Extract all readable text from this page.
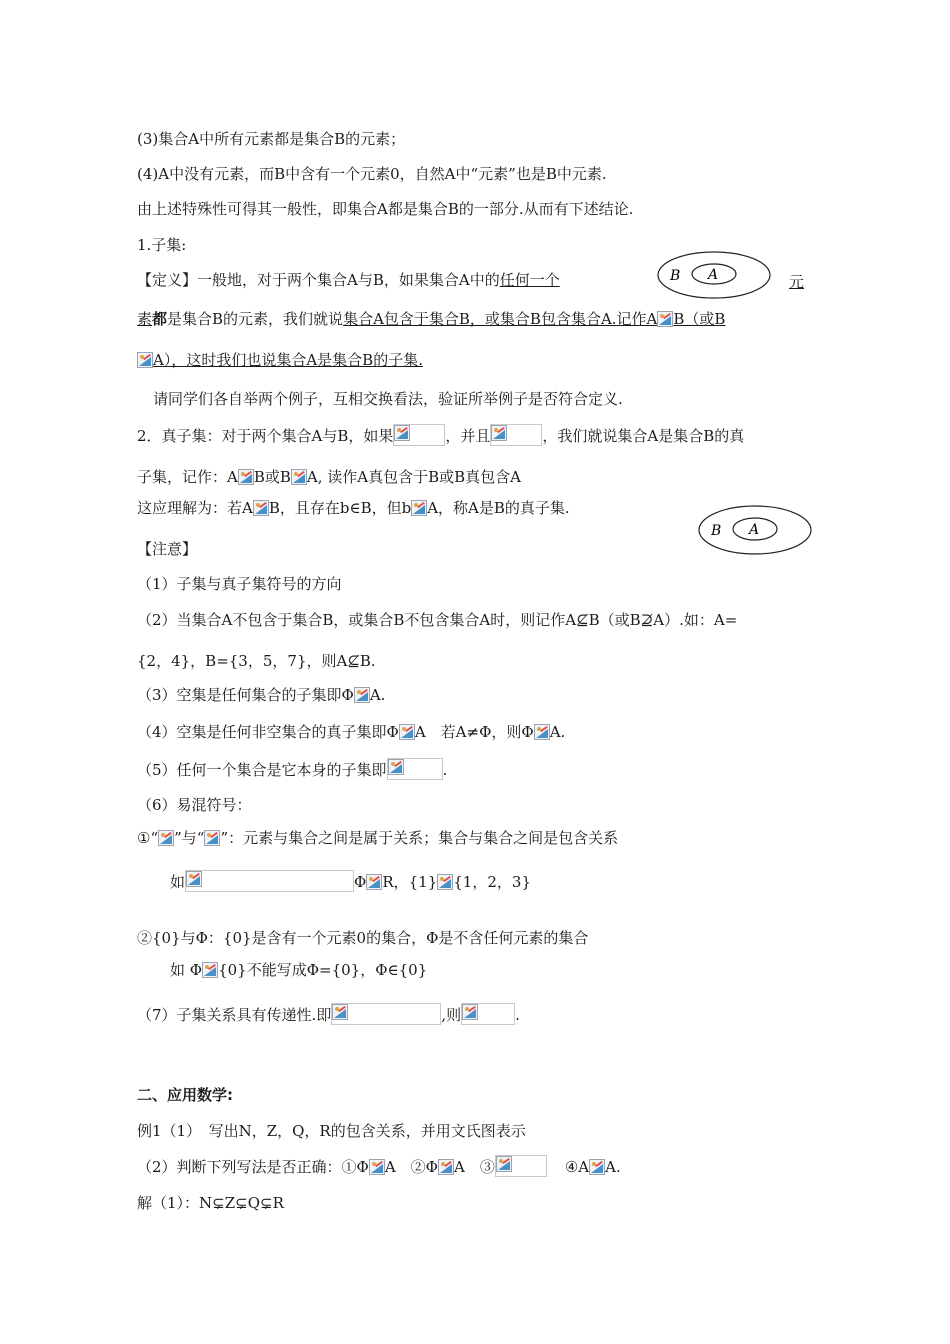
(3)集合A中所有元素都是集合B的元素；
(4)A中没有元素，而B中含有一个元素0，自然A中“元素”也是B中元素.
由上述特殊性可得其一般性，即集合A都是集合B的一部分.从而有下述结论.
1.子集:
【定义】一般地，对于两个集合A与B，如果集合A中的任何一个	元
B A
素都是集合B的元素，我们就说集合A包含于集合B，或集合B包含集合A.记作A B（或B
A），这时我们也说集合A是集合B的子集.
请同学们各自举两个例子，互相交换看法，验证所举例子是否符合定义.
2．真子集：对于两个集合A与B，如果	，并且	，我们就说集合A是集合B的真
子集，记作：A B或B A, 读作A真包含于B或B真包含A
这应理解为：若A B，且存在b∈B，但b A，称A是B的真子集.
B A
【注意】
（1）子集与真子集符号的方向
（2）当集合A不包含于集合B，或集合B不包含集合A时，则记作A⊈B（或B⊉A）.如：A=
{2，4}，B={3，5，7}，则A⊈B.
（3）空集是任何集合的子集即Φ A.
（4）空集是任何非空集合的真子集即Φ A　若A≠Φ，则Φ A.
（5）任何一个集合是它本身的子集即	.
（6）易混符号：
①“ ”与“ ”：元素与集合之间是属于关系；集合与集合之间是包含关系
如	Φ R，{1} {1，2，3}
②{0}与Φ：{0}是含有一个元素0的集合，Φ是不含任何元素的集合
如 Φ {0}不能写成Φ={0}，Φ∈{0}
（7）子集关系具有传递性.即	,则	.
二、应用数学:
例1（1）　写出N，Z，Q，R的包含关系，并用文氏图表示
（2）判断下列写法是否正确：①Φ A　②Φ A　③	④A A.
解（1）：N⊊Z⊊Q⊊R
